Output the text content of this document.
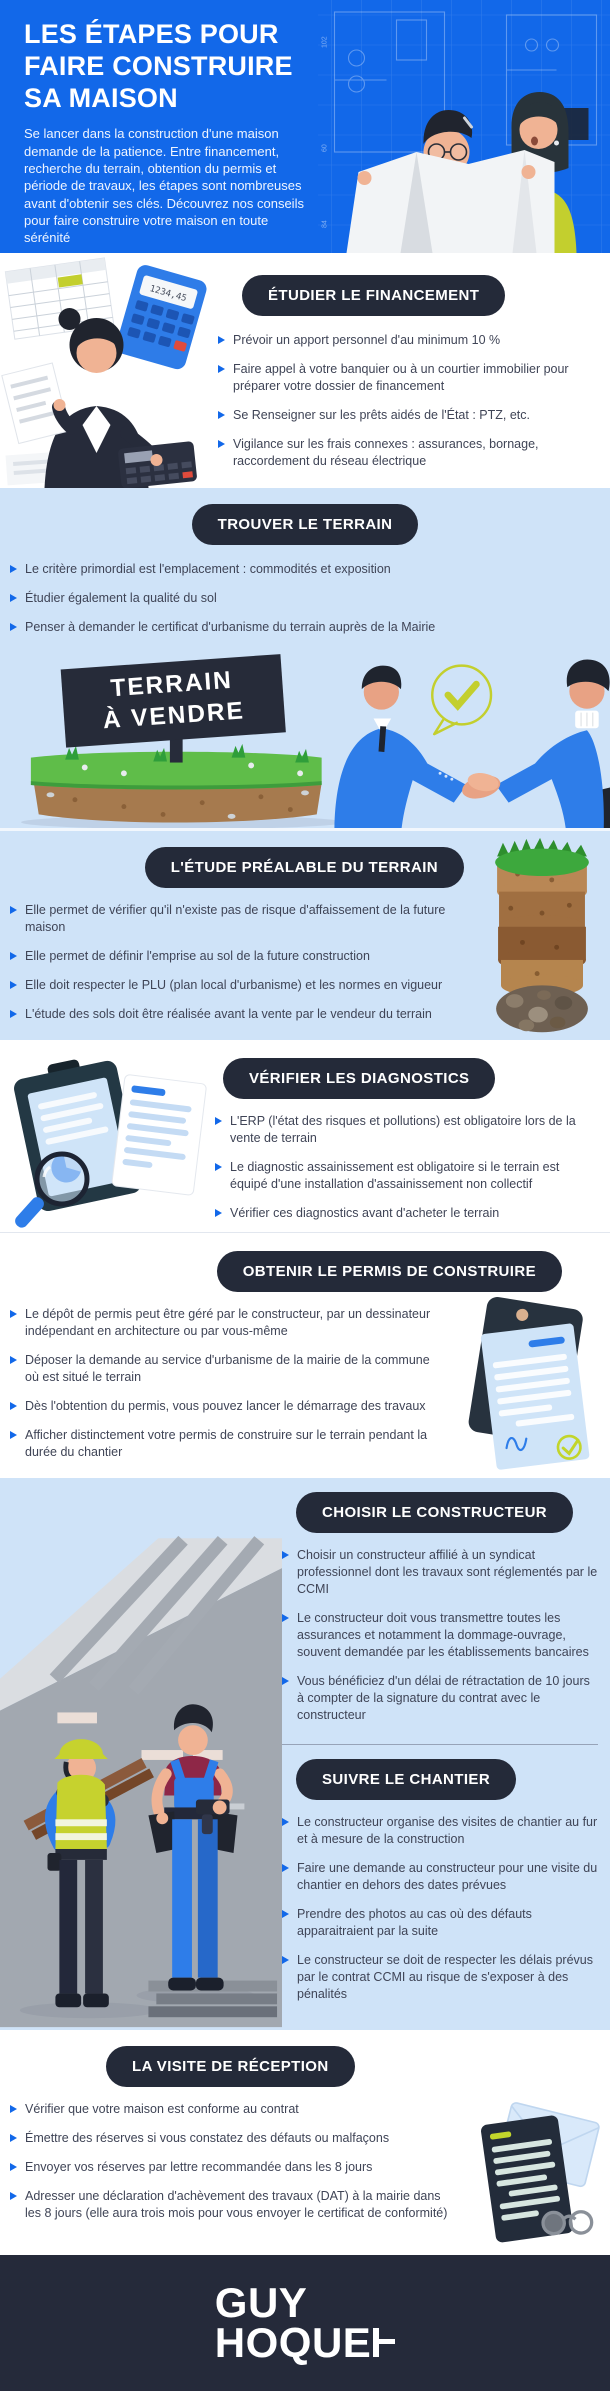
LES ÉTAPES POUR
FAIRE CONSTRUIRE
SA MAISON

Se lancer dans la construction d'une maison demande de la patience. Entre financement, recherche du terrain, obtention du permis et période de travaux, les étapes sont nombreuses avant d'obtenir ses clés. Découvrez nos conseils pour faire construire votre maison en toute sérénité

102
60
84
1234,45	ÉTUDIER LE FINANCEMENT
Prévoir un apport personnel d'au minimum 10 %
Faire appel à votre banquier ou à un courtier immobilier pour préparer votre dossier de financement
Se Renseigner sur les prêts aidés de l'État : PTZ, etc.
Vigilance sur les frais connexes : assurances, bornage, raccordement du réseau électrique
TROUVER LE TERRAIN
Le critère primordial est l'emplacement : commodités et exposition
Étudier également la qualité du sol
Penser à demander le certificat d'urbanisme du terrain auprès de la Mairie
TERRAIN
À VENDRE
L'ÉTUDE PRÉALABLE DU TERRAIN
Elle permet de vérifier qu'il n'existe pas de risque d'affaissement de la future maison
Elle permet de définir l'emprise au sol de la future construction
Elle doit respecter le PLU (plan local d'urbanisme) et les normes en vigueur
L'étude des sols doit être réalisée avant la vente par le vendeur du terrain
VÉRIFIER LES DIAGNOSTICS
L'ERP (l'état des risques et pollutions) est obligatoire lors de la vente de terrain
Le diagnostic assainissement est obligatoire si le terrain est équipé d'une installation d'assainissement non collectif
Vérifier ces diagnostics avant d'acheter le terrain
OBTENIR LE PERMIS DE CONSTRUIRE
Le dépôt de permis peut être géré par le constructeur, par un dessinateur indépendant en architecture ou par vous-même
Déposer la demande au service d'urbanisme de la mairie de la commune où est situé le terrain
Dès l'obtention du permis, vous pouvez lancer le démarrage des travaux
Afficher distinctement votre permis de construire sur le terrain pendant la durée du chantier
CHOISIR LE CONSTRUCTEUR
Choisir un constructeur affilié à un syndicat professionnel dont les travaux sont réglementés par le CCMI
Le constructeur doit vous transmettre toutes les assurances et notamment la dommage-ouvrage, souvent demandée par les établissements bancaires
Vous bénéficiez d'un délai de rétractation de 10 jours à compter de la signature du contrat avec le constructeur
SUIVRE LE CHANTIER
Le constructeur organise des visites de chantier au fur et à mesure de la construction
Faire une demande au constructeur pour une visite du chantier en dehors des dates prévues
Prendre des photos au cas où des défauts apparaitraient par la suite
Le constructeur se doit de respecter les délais prévus par le contrat CCMI au risque de s'exposer à des pénalités
LA VISITE DE RÉCEPTION
Vérifier que votre maison est conforme au contrat
Émettre des réserves si vous constatez des défauts ou malfaçons
Envoyer vos réserves par lettre recommandée dans les 8 jours
Adresser une déclaration d'achèvement des travaux (DAT) à la mairie dans les 8 jours (elle aura trois mois pour vous envoyer le certificat de conformité)
GUY
HOQUE
